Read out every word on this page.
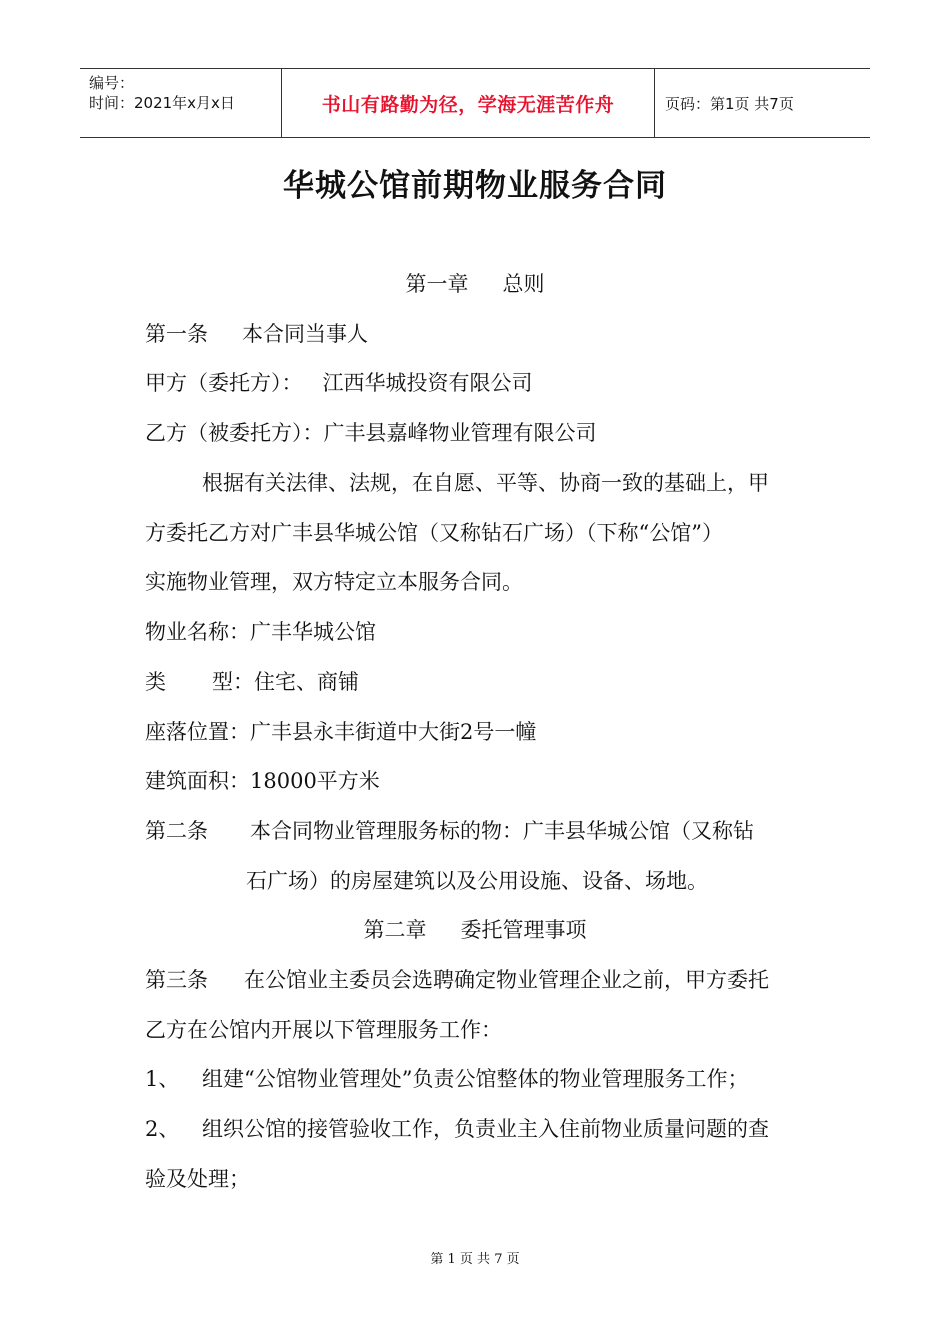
编号：
时间：2021年x月x日	书山有路勤为径，学海无涯苦作舟	页码：第1页 共7页
华城公馆前期物业服务合同
第一章 总则
第一条 本合同当事人
甲方（委托方）： 江西华城投资有限公司
乙方（被委托方）：广丰县嘉峰物业管理有限公司
根据有关法律、法规，在自愿、平等、协商一致的基础上，甲
方委托乙方对广丰县华城公馆（又称钻石广场）（下称“公馆”）
实施物业管理，双方特定立本服务合同。
物业名称：广丰华城公馆
类 型：住宅、商铺
座落位置：广丰县永丰街道中大街2号一幢
建筑面积：18000平方米
第二条 本合同物业管理服务标的物：广丰县华城公馆（又称钻
石广场）的房屋建筑以及公用设施、设备、场地。
第二章 委托管理事项
第三条 在公馆业主委员会选聘确定物业管理企业之前，甲方委托
乙方在公馆内开展以下管理服务工作：
1、 组建“公馆物业管理处”负责公馆整体的物业管理服务工作；
2、 组织公馆的接管验收工作，负责业主入住前物业质量问题的查
验及处理；
第 1 页 共 7 页
